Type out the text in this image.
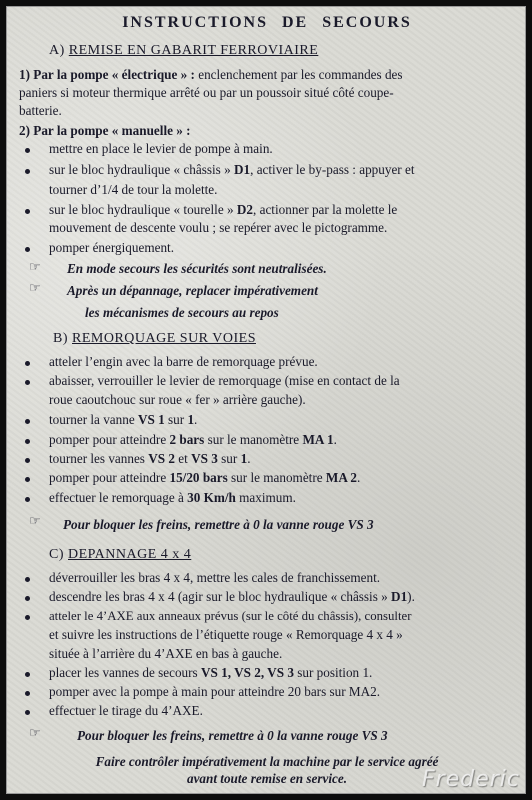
INSTRUCTIONS DE SECOURS
A) REMISE EN GABARIT FERROVIAIRE
1) Par la pompe « électrique » : enclenchement par les commandes des
paniers si moteur thermique arrêté ou par un poussoir situé côté coupe-
batterie.
2) Par la pompe « manuelle » :
mettre en place le levier de pompe à main.
sur le bloc hydraulique « châssis » D1, activer le by-pass : appuyer et
tourner d’1/4 de tour la molette.
sur le bloc hydraulique « tourelle » D2, actionner par la molette le
mouvement de descente voulu ; se repérer avec le pictogramme.
pomper énergiquement.
☞ En mode secours les sécurités sont neutralisées.
☞ Après un dépannage, replacer impérativement
les mécanismes de secours au repos
B) REMORQUAGE SUR VOIES
atteler l’engin avec la barre de remorquage prévue.
abaisser, verrouiller le levier de remorquage (mise en contact de la
roue caoutchouc sur roue « fer » arrière gauche).
tourner la vanne VS 1 sur 1.
pomper pour atteindre 2 bars sur le manomètre MA 1.
tourner les vannes VS 2 et VS 3 sur 1.
pomper pour atteindre 15/20 bars sur le manomètre MA 2.
effectuer le remorquage à 30 Km/h maximum.
☞ Pour bloquer les freins, remettre à 0 la vanne rouge VS 3
C) DEPANNAGE 4 x 4
déverrouiller les bras 4 x 4, mettre les cales de franchissement.
descendre les bras 4 x 4 (agir sur le bloc hydraulique « châssis » D1).
atteler le 4’AXE aux anneaux prévus (sur le côté du châssis), consulter
et suivre les instructions de l’étiquette rouge « Remorquage 4 x 4 »
située à l’arrière du 4’AXE en bas à gauche.
placer les vannes de secours VS 1, VS 2, VS 3 sur position 1.
pomper avec la pompe à main pour atteindre 20 bars sur MA2.
effectuer le tirage du 4’AXE.
☞	Pour bloquer les freins, remettre à 0 la vanne rouge VS 3
Faire contrôler impérativement la machine par le service agréé
avant toute remise en service.	Frederic
